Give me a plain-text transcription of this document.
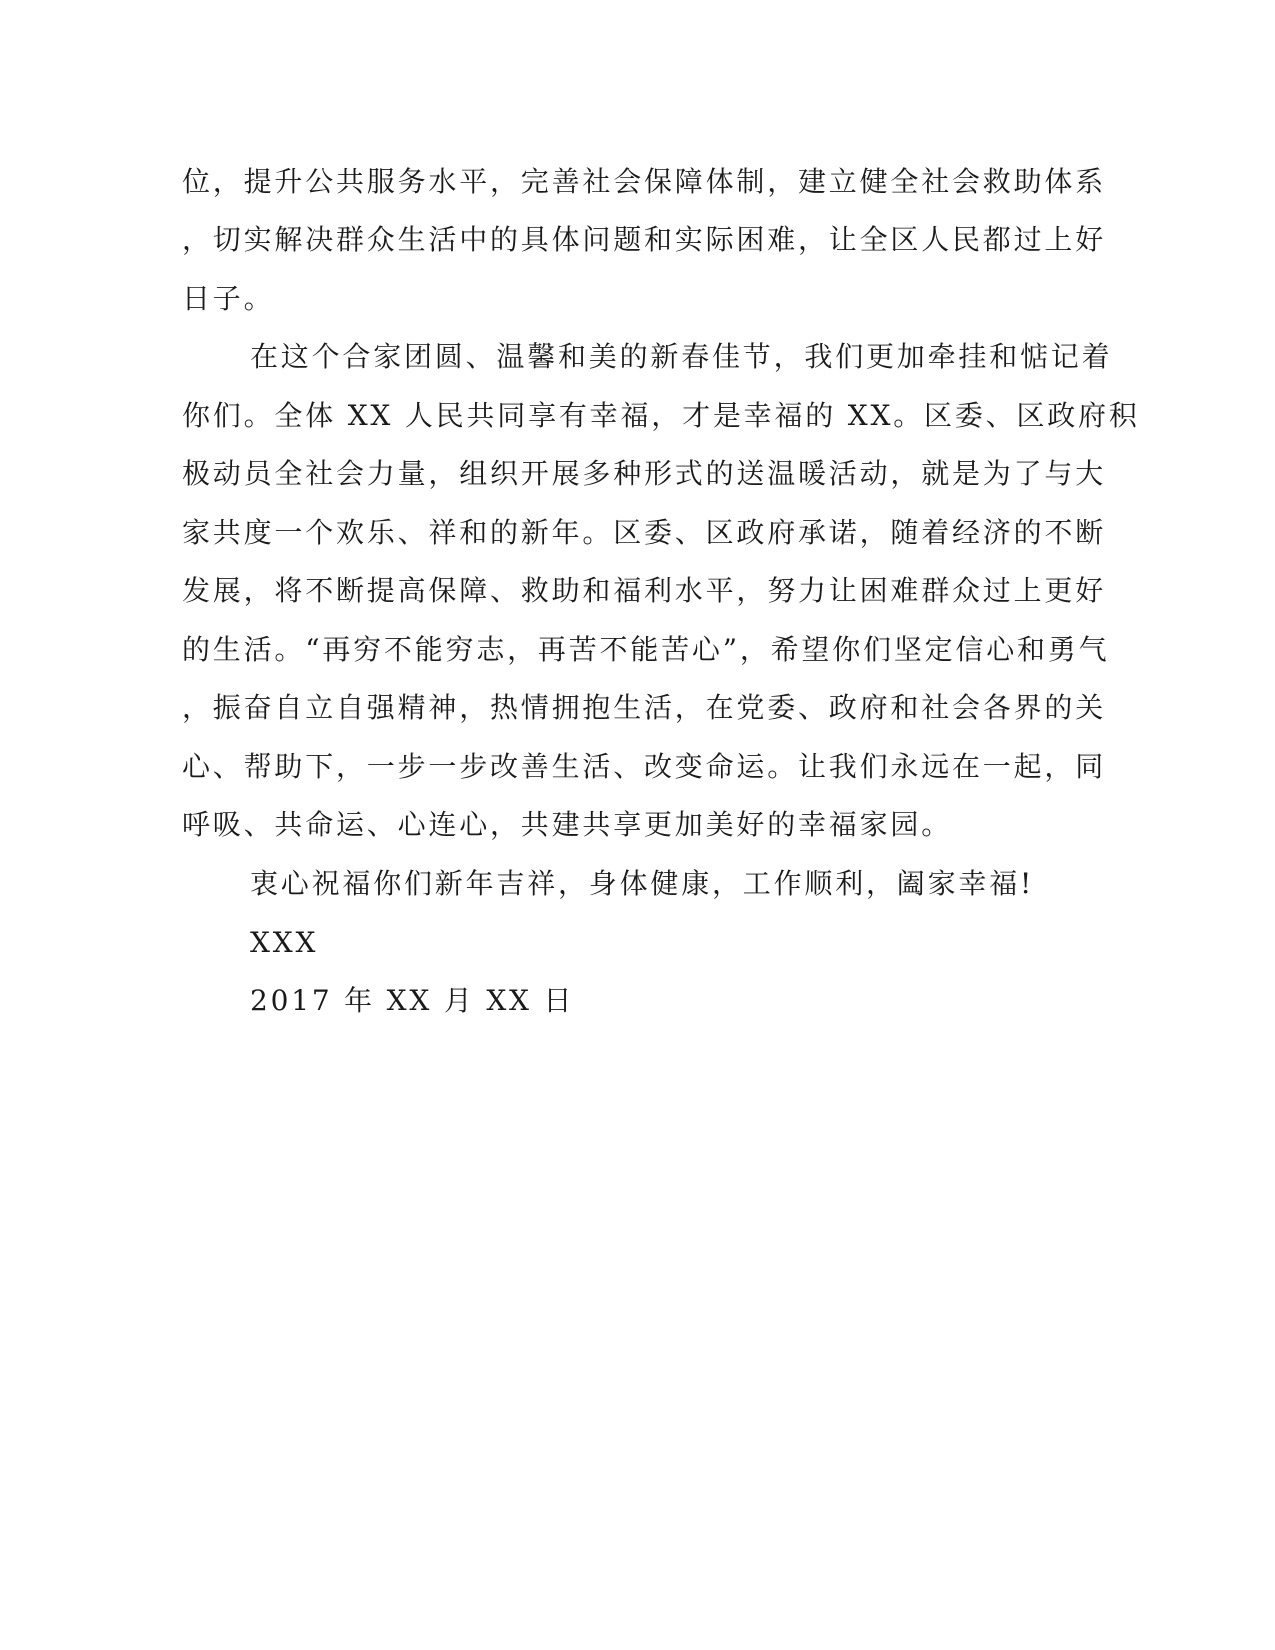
位，提升公共服务水平，完善社会保障体制，建立健全社会救助体系
，切实解决群众生活中的具体问题和实际困难，让全区人民都过上好
日子。
在这个合家团圆、温馨和美的新春佳节，我们更加牵挂和惦记着
你们。全体 XX 人民共同享有幸福，才是幸福的 XX。区委、区政府积
极动员全社会力量，组织开展多种形式的送温暖活动，就是为了与大
家共度一个欢乐、祥和的新年。区委、区政府承诺，随着经济的不断
发展，将不断提高保障、救助和福利水平，努力让困难群众过上更好
的生活。“再穷不能穷志，再苦不能苦心”，希望你们坚定信心和勇气
，振奋自立自强精神，热情拥抱生活，在党委、政府和社会各界的关
心、帮助下，一步一步改善生活、改变命运。让我们永远在一起，同
呼吸、共命运、心连心，共建共享更加美好的幸福家园。
衷心祝福你们新年吉祥，身体健康，工作顺利，阖家幸福!
XXX
2017 年 XX 月 XX 日
